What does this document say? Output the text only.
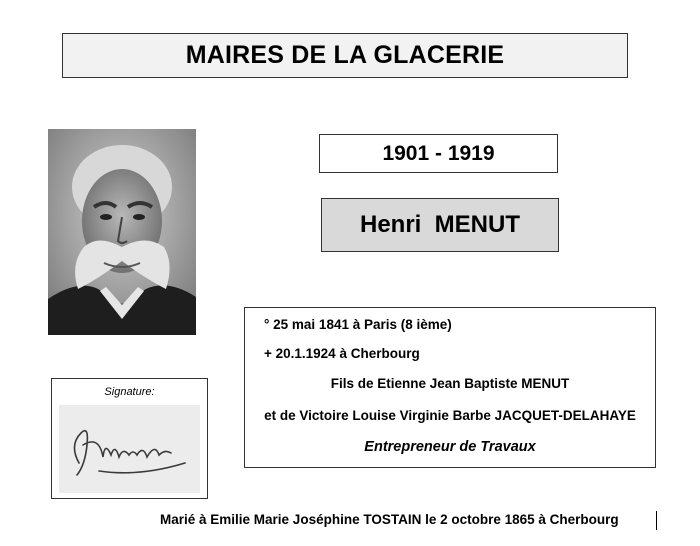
MAIRES DE LA GLACERIE
1901 - 1919
Henri  MENUT
° 25 mai 1841 à Paris (8 ième)
+ 20.1.1924 à Cherbourg
Fils de Etienne Jean Baptiste MENUT
et de Victoire Louise Virginie Barbe JACQUET-DELAHAYE
Entrepreneur de Travaux
Signature:
Marié à Emilie Marie Joséphine TOSTAIN le 2 octobre 1865 à Cherbourg
